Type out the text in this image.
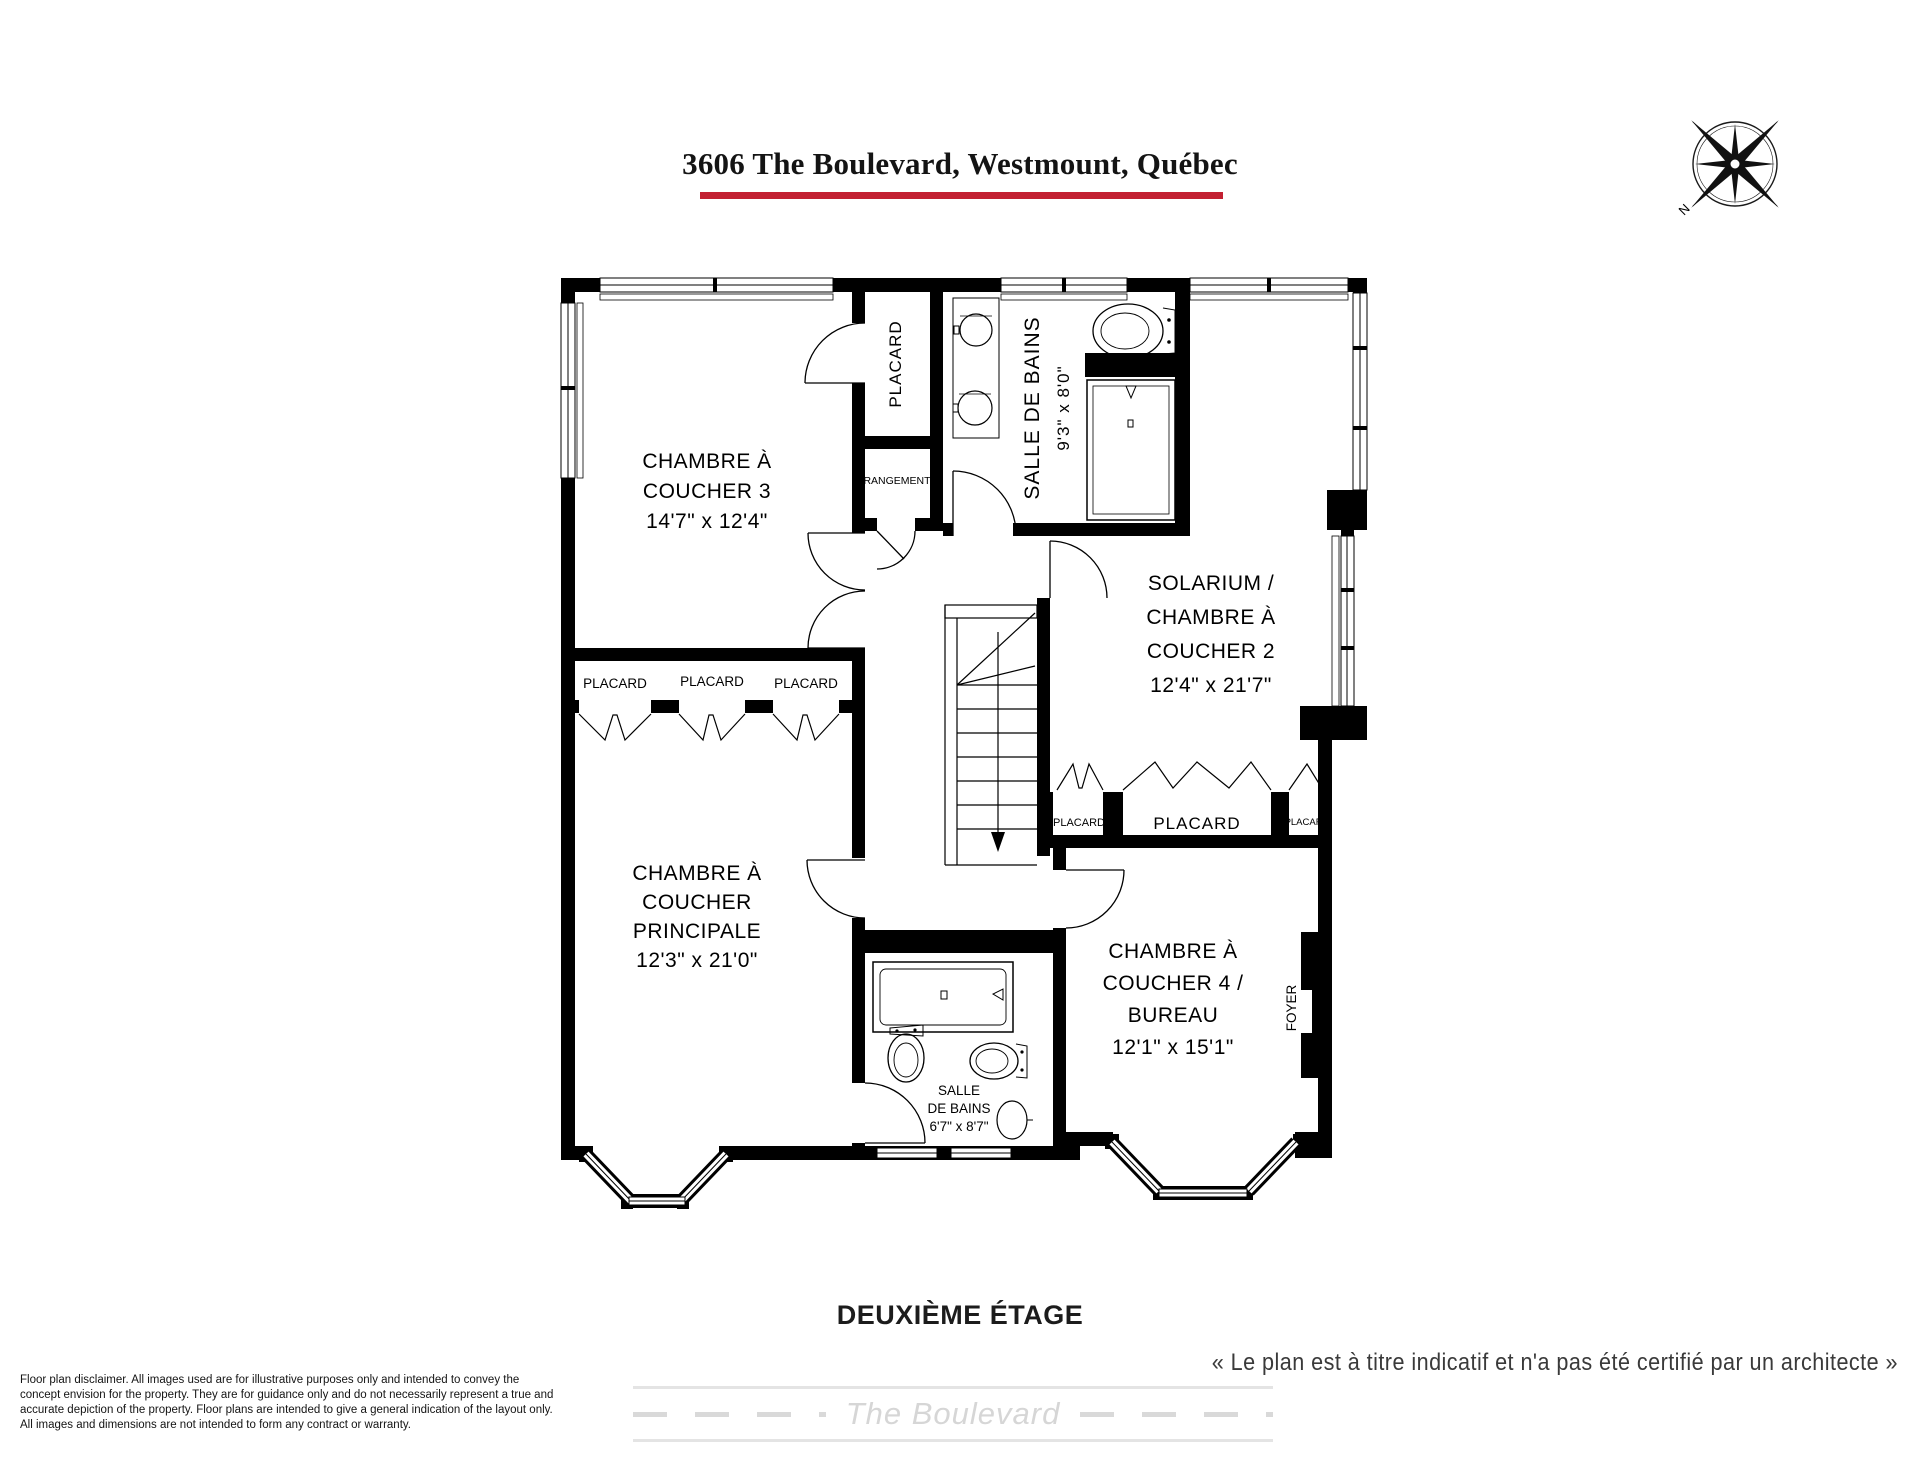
3606 The Boulevard, Westmount, Québec
N
CHAMBRE À
COUCHER 3
14'7" x 12'4"
PLACARD
RANGEMENT	SALLE DE BAINS 9'3" x 8'0"
SOLARIUM /
CHAMBRE À
COUCHER 2
12'4" x 21'7"
PLACARD PLACARD PLACARD
CHAMBRE À
COUCHER
PRINCIPALE
12'3" x 21'0"
PLACARD	PLACARD	PLACARD
CHAMBRE À
COUCHER 4 /
BUREAU
12'1" x 15'1"
FOYER
SALLE
DE BAINS
6'7" x 8'7"
DEUXIÈME ÉTAGE
Floor plan disclaimer. All images used are for illustrative purposes only and intended to convey the
concept envision for the property. They are for guidance only and do not necessarily represent a true and
accurate depiction of the property. Floor plans are intended to give a general indication of the layout only.
All images and dimensions are not intended to form any contract or warranty.
« Le plan est à titre indicatif et n'a pas été certifié par un architecte »
The Boulevard
